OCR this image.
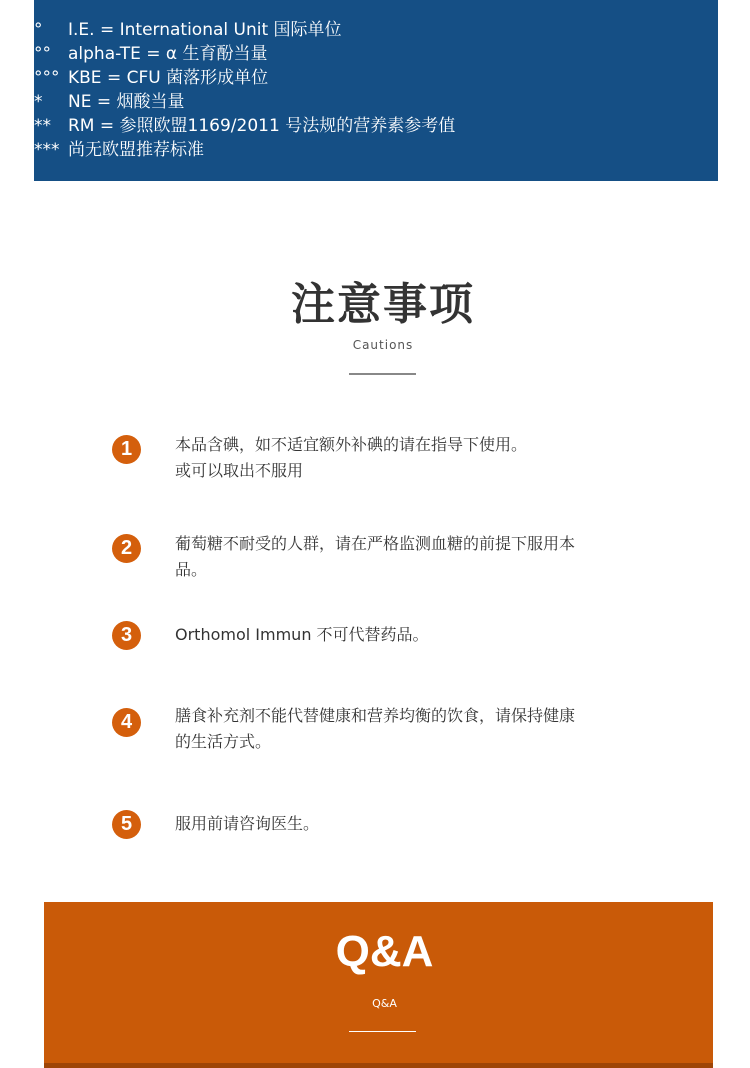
°	I.E. = International Unit 国际单位
°°	alpha-TE = α 生育酚当量
°°° KBE = CFU 菌落形成单位
*	NE = 烟酸当量
**	RM = 参照欧盟1169/2011 号法规的营养素参考值
*** 尚无欧盟推荐标准
注意事项
Cautions
1	本品含碘，如不适宜额外补碘的请在指导下使用。
或可以取出不服用
2	葡萄糖不耐受的人群，请在严格监测血糖的前提下服用本
品。
3	Orthomol Immun 不可代替药品。
4	膳食补充剂不能代替健康和营养均衡的饮食，请保持健康
的生活方式。
5	服用前请咨询医生。
Q&A
Q&A
